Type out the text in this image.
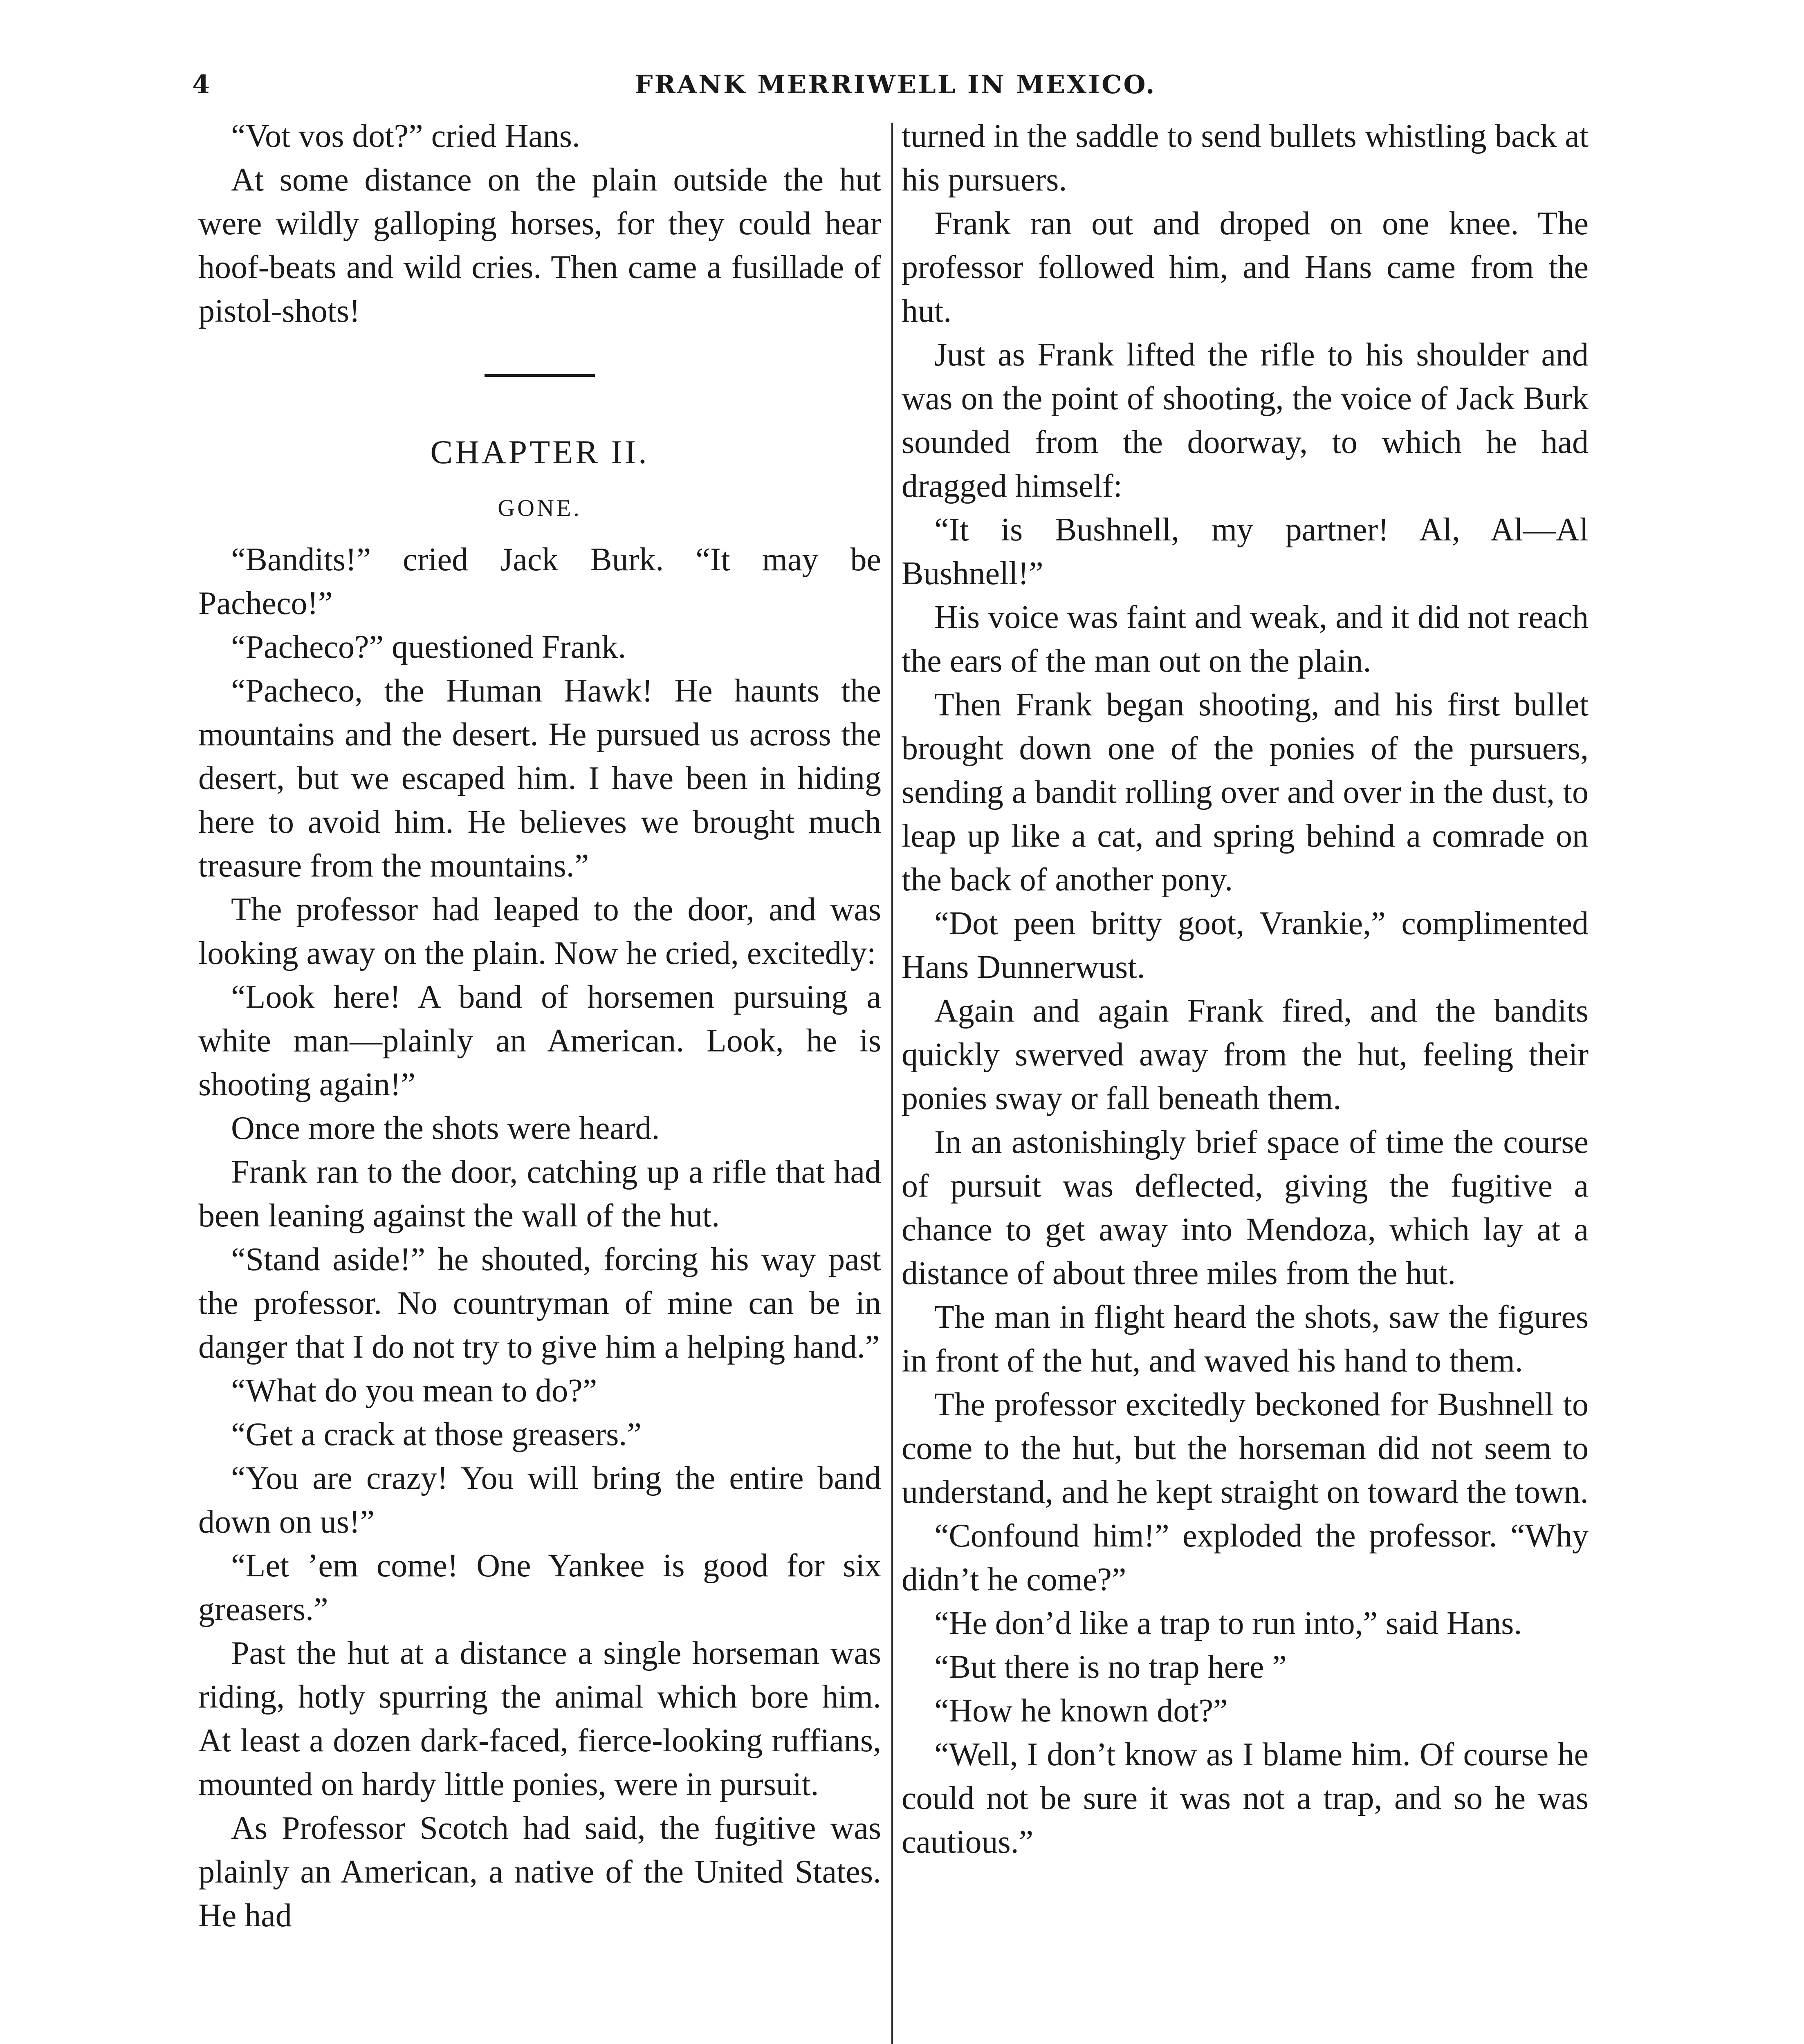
4	FRANK MERRIWELL IN MEXICO.

“Vot vos dot?” cried Hans.

At some distance on the plain outside the hut were wildly galloping horses, for they could hear hoof-beats and wild cries. Then came a fusillade of pistol-shots!

CHAPTER II.
GONE.

“Bandits!” cried Jack Burk. “It may be Pacheco!”

“Pacheco?” questioned Frank.

“Pacheco, the Human Hawk! He haunts the mountains and the desert. He pursued us across the desert, but we escaped him. I have been in hiding here to avoid him. He believes we brought much treasure from the mountains.”

The professor had leaped to the door, and was looking away on the plain. Now he cried, excitedly:

“Look here! A band of horsemen pursuing a white man—plainly an American. Look, he is shooting again!”

Once more the shots were heard.

Frank ran to the door, catching up a rifle that had been leaning against the wall of the hut.

“Stand aside!” he shouted, forcing his way past the professor. No countryman of mine can be in danger that I do not try to give him a helping hand.”

“What do you mean to do?”

“Get a crack at those greasers.”

“You are crazy! You will bring the entire band down on us!”

“Let ’em come! One Yankee is good for six greasers.”

Past the hut at a distance a single horseman was riding, hotly spurring the animal which bore him. At least a dozen dark-faced, fierce-looking ruffians, mounted on hardy little ponies, were in pursuit.

As Professor Scotch had said, the fugitive was plainly an American, a native of the United States. He had

turned in the saddle to send bullets whistling back at his pursuers.

Frank ran out and droped on one knee. The professor followed him, and Hans came from the hut.

Just as Frank lifted the rifle to his shoulder and was on the point of shooting, the voice of Jack Burk sounded from the doorway, to which he had dragged himself:

“It is Bushnell, my partner! Al, Al—Al Bushnell!”

His voice was faint and weak, and it did not reach the ears of the man out on the plain.

Then Frank began shooting, and his first bullet brought down one of the ponies of the pursuers, sending a bandit rolling over and over in the dust, to leap up like a cat, and spring behind a comrade on the back of another pony.

“Dot peen britty goot, Vrankie,” complimented Hans Dunnerwust.

Again and again Frank fired, and the bandits quickly swerved away from the hut, feeling their ponies sway or fall beneath them.

In an astonishingly brief space of time the course of pursuit was deflected, giving the fugitive a chance to get away into Mendoza, which lay at a distance of about three miles from the hut.

The man in flight heard the shots, saw the figures in front of the hut, and waved his hand to them.

The professor excitedly beckoned for Bushnell to come to the hut, but the horseman did not seem to understand, and he kept straight on toward the town.

“Confound him!” exploded the professor. “Why didn’t he come?”

“He don’d like a trap to run into,” said Hans.

“But there is no trap here ”

“How he known dot?”

“Well, I don’t know as I blame him. Of course he could not be sure it was not a trap, and so he was cautious.”
